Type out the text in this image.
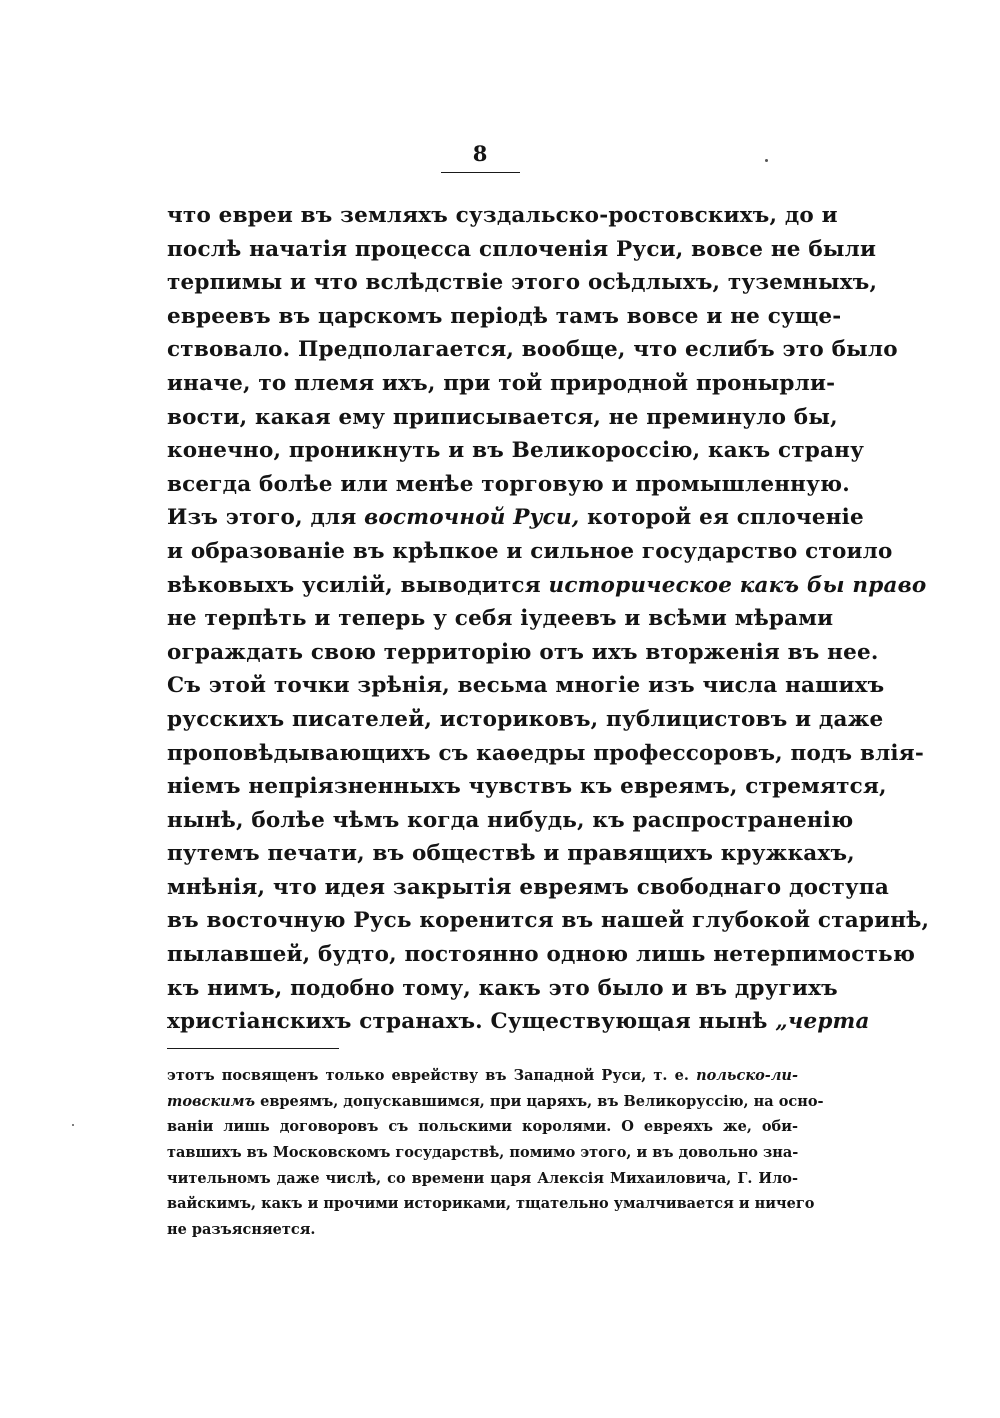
8
что евреи въ земляхъ суздальско-ростовскихъ, до и
послѣ начатія процесса сплоченія Руси, вовсе не были
терпимы и что вслѣдствіе этого осѣдлыхъ, туземныхъ,
евреевъ въ царскомъ періодѣ тамъ вовсе и не суще-
ствовало. Предполагается, вообще, что еслибъ это было
иначе, то племя ихъ, при той природной пронырли-
вости, какая ему приписывается, не преминуло бы,
конечно, проникнуть и въ Великороссію, какъ страну
всегда болѣе или менѣе торговую и промышленную.
Изъ этого, для восточной Руси, которой ея сплоченіе
и образованіе въ крѣпкое и сильное государство стоило
вѣковыхъ усилій, выводится историческое какъ бы право
не терпѣть и теперь у себя іудеевъ и всѣми мѣрами
ограждать свою территорію отъ ихъ вторженія въ нее.
Съ этой точки зрѣнія, весьма многіе изъ числа нашихъ
русскихъ писателей, историковъ, публицистовъ и даже
проповѣдывающихъ съ каѳедры профессоровъ, подъ влія-
ніемъ непріязненныхъ чувствъ къ евреямъ, стремятся,
нынѣ, болѣе чѣмъ когда нибудь, къ распространенію
путемъ печати, въ обществѣ и правящихъ кружкахъ,
мнѣнія, что идея закрытія евреямъ свободнаго доступа
въ восточную Русь коренится въ нашей глубокой старинѣ,
пылавшей, будто, постоянно одною лишь нетерпимостью
къ нимъ, подобно тому, какъ это было и въ другихъ
христіанскихъ странахъ. Существующая нынѣ „черта
этотъ посвященъ только еврейству въ Западной Руси, т. е. польско-ли-
товскимъ евреямъ, допускавшимся, при царяхъ, въ Великоруссію, на осно-
ваніи лишь договоровъ съ польскими королями. О евреяхъ же, оби-
тавшихъ въ Московскомъ государствѣ, помимо этого, и въ довольно зна-
чительномъ даже числѣ, со времени царя Алексія Михаиловича, Г. Ило-
вайскимъ, какъ и прочими историками, тщательно умалчивается и ничего
не разъясняется.
